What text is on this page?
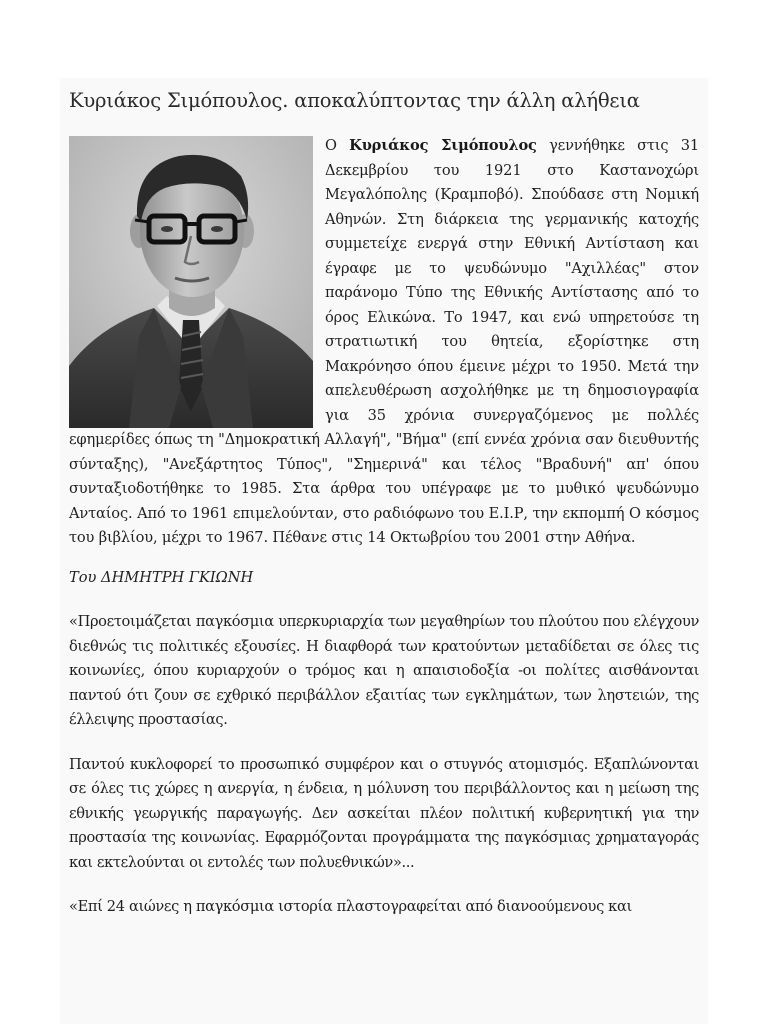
Κυριάκος Σιμόπουλος. αποκαλύπτοντας την άλλη αλήθεια

Ο Κυριάκος Σιμόπουλος γεννήθηκε στις 31 Δεκεμβρίου του 1921 στο Καστανοχώρι Μεγαλόπολης (Κραμποβό). Σπούδασε στη Νομική Αθηνών. Στη διάρκεια της γερμανικής κατοχής συμμετείχε ενεργά στην Εθνική Αντίσταση και έγραφε με το ψευδώνυμο "Αχιλλέας" στον παράνομο Τύπο της Εθνικής Αντίστασης από το όρος Ελικώνα. Το 1947, και ενώ υπηρετούσε τη στρατιωτική του θητεία, εξορίστηκε στη Μακρόνησο όπου έμεινε μέχρι το 1950. Μετά την απελευθέρωση ασχολήθηκε με τη δημοσιογραφία για 35 χρόνια συνεργαζόμενος με πολλές εφημερίδες όπως τη "Δημοκρατική Αλλαγή", "Βήμα" (επί εννέα χρόνια σαν διευθυντής σύνταξης), "Ανεξάρτητος Τύπος", "Σημερινά" και τέλος "Βραδυνή" απ' όπου συνταξιοδοτήθηκε το 1985. Στα άρθρα του υπέγραφε με το μυθικό ψευδώνυμο Ανταίος. Από το 1961 επιμελούνταν, στο ραδιόφωνο του Ε.Ι.Ρ, την εκπομπή Ο κόσμος του βιβλίου, μέχρι το 1967. Πέθανε στις 14 Οκτωβρίου του 2001 στην Αθήνα.

Του ΔΗΜΗΤΡΗ ΓΚΙΩΝΗ

«Προετοιμάζεται παγκόσμια υπερκυριαρχία των μεγαθηρίων του πλούτου που ελέγχουν διεθνώς τις πολιτικές εξουσίες. Η διαφθορά των κρατούντων μεταδίδεται σε όλες τις κοινωνίες, όπου κυριαρχούν ο τρόμος και η απαισιοδοξία -οι πολίτες αισθάνονται παντού ότι ζουν σε εχθρικό περιβάλλον εξαιτίας των εγκλημάτων, των ληστειών, της έλλειψης προστασίας.

Παντού κυκλοφορεί το προσωπικό συμφέρον και ο στυγνός ατομισμός. Εξαπλώνονται σε όλες τις χώρες η ανεργία, η ένδεια, η μόλυνση του περιβάλλοντος και η μείωση της εθνικής γεωργικής παραγωγής. Δεν ασκείται πλέον πολιτική κυβερνητική για την προστασία της κοινωνίας. Εφαρμόζονται προγράμματα της παγκόσμιας χρηματαγοράς και εκτελούνται οι εντολές των πολυεθνικών»...

«Επί 24 αιώνες η παγκόσμια ιστορία πλαστογραφείται από διανοούμενους και
